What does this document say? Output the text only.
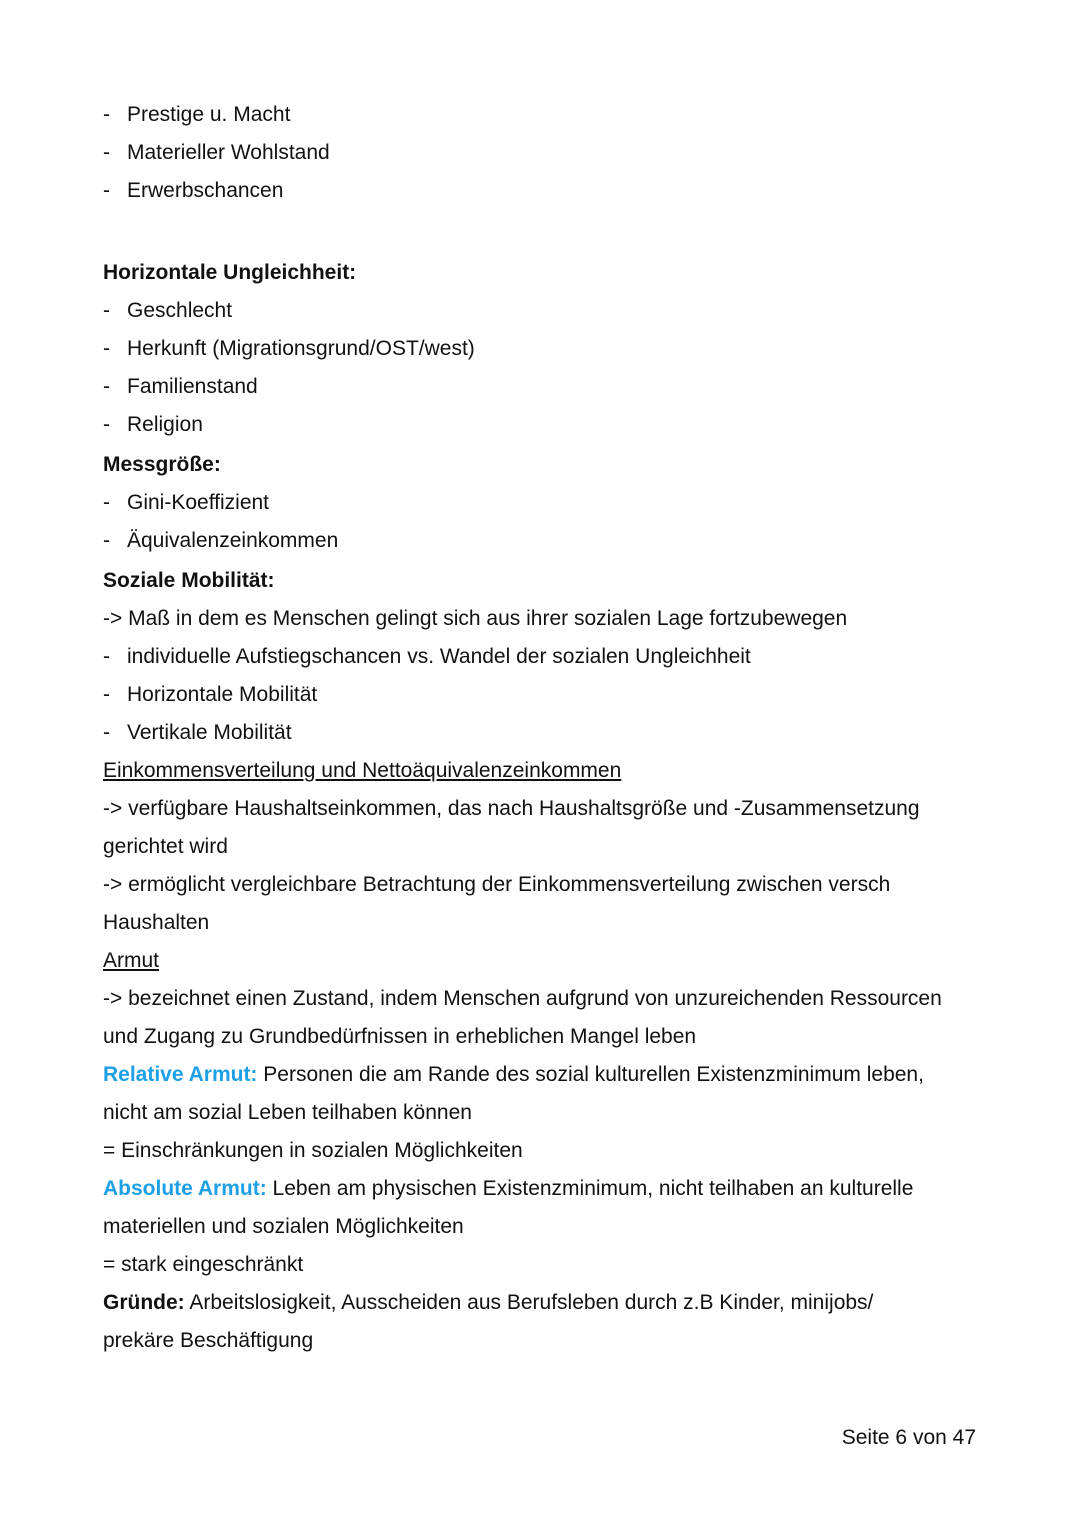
- Prestige u. Macht
- Materieller Wohlstand
- Erwerbschancen
Horizontale Ungleichheit:
- Geschlecht
- Herkunft (Migrationsgrund/OST/west)
- Familienstand
- Religion
Messgröße:
- Gini-Koeffizient
- Äquivalenzeinkommen
Soziale Mobilität:
-> Maß in dem es Menschen gelingt sich aus ihrer sozialen Lage fortzubewegen
- individuelle Aufstiegschancen vs. Wandel der sozialen Ungleichheit
- Horizontale Mobilität
- Vertikale Mobilität
Einkommensverteilung und Nettoäquivalenzeinkommen
-> verfügbare Haushaltseinkommen, das nach Haushaltsgröße und -Zusammensetzung
gerichtet wird
-> ermöglicht vergleichbare Betrachtung der Einkommensverteilung zwischen versch
Haushalten
Armut
-> bezeichnet einen Zustand, indem Menschen aufgrund von unzureichenden Ressourcen
und Zugang zu Grundbedürfnissen in erheblichen Mangel leben
Relative Armut: Personen die am Rande des sozial kulturellen Existenzminimum leben,
nicht am sozial Leben teilhaben können
= Einschränkungen in sozialen Möglichkeiten
Absolute Armut: Leben am physischen Existenzminimum, nicht teilhaben an kulturelle
materiellen und sozialen Möglichkeiten
= stark eingeschränkt
Gründe: Arbeitslosigkeit, Ausscheiden aus Berufsleben durch z.B Kinder, minijobs/
prekäre Beschäftigung
Seite 6 von 47
